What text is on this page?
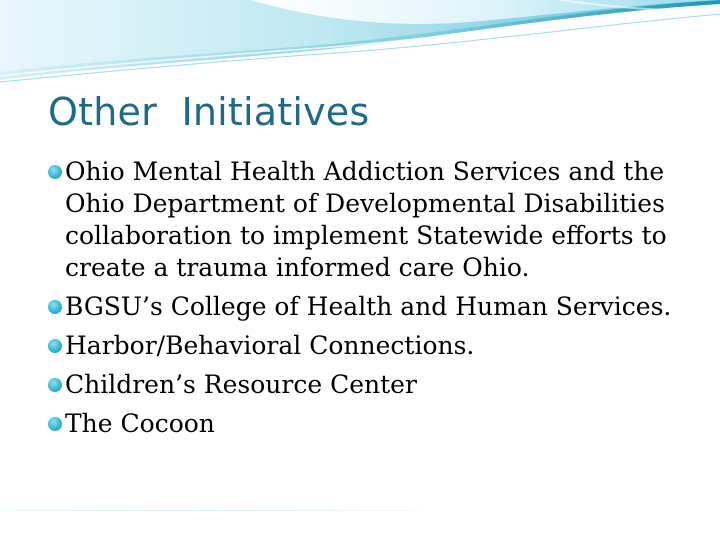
Other  Initiatives
Ohio Mental Health Addiction Services and the Ohio Department of Developmental Disabilities collaboration to implement Statewide efforts to create a trauma informed care Ohio.
BGSU’s College of Health and Human Services.
Harbor/Behavioral Connections.
Children’s Resource Center
The Cocoon
